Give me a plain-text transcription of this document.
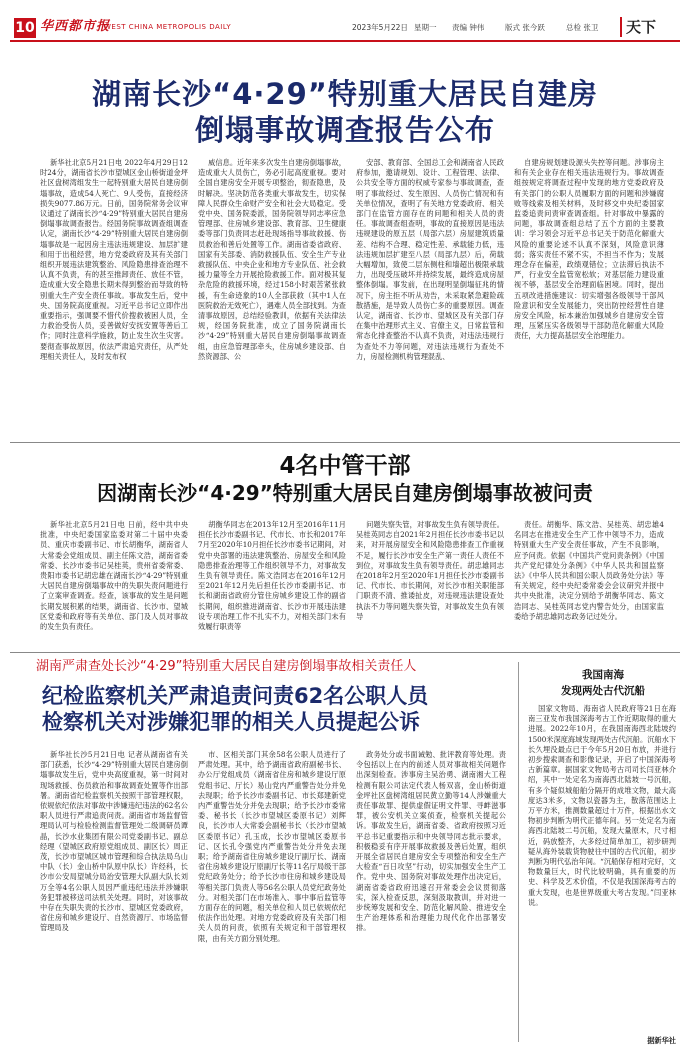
10 华西都市报
WEST CHINA METROPOLIS DAILY	2023年5月22日 星期一 责编 钟伟	版式 张今跃	总检 张卫 天下
湖南长沙“4·29”特别重大居民自建房
倒塌事故调查报告公布

新华社北京5月21日电 2022年4月29日12时24分，湖南省长沙市望城区金山桥街道金坪社区盘树湾组发生一起特别重大居民自建房倒塌事故，造成54人死亡、9人受伤，直接经济损失9077.86万元。日前，国务院常务会议审议通过了湖南长沙“4·29”特别重大居民自建房倒塌事故调查报告。经国务院事故调查组调查认定，湖南长沙“4·29”特别重大居民自建房倒塌事故是一起因房主违法违规建设、加层扩建和用于出租经营，地方党委政府及其有关部门组织开展违法建筑整治、风险隐患排查治理不认真不负责，有的甚至推卸责任、放任不管，造成重大安全隐患长期未得到整治而导致的特别重大生产安全责任事故。事故发生后，党中央、国务院高度重视。习近平总书记立即作出重要指示，强调要不惜代价搜救被困人员，全力救治受伤人员，妥善做好安抚安置等善后工作；同时注意科学施救，防止发生次生灾害。要彻查事故原因，依法严肃追究责任，从严处理相关责任人，及时发布权

威信息。近年来多次发生自建房倒塌事故，造成重大人员伤亡，务必引起高度重视。要对全国自建房安全开展专项整治，彻查隐患，及时解决。坚决防范各类重大事故发生，切实保障人民群众生命财产安全和社会大局稳定。受党中央、国务院委派，国务院领导同志率应急管理部、住房城乡建设部、教育部、卫生健康委等部门负责同志赶赴现场指导事故救援、伤员救治和善后处置等工作。湖南省委省政府、国家有关部委、消防救援队伍、安全生产专业救援队伍、中央企业和地方专业队伍、社会救援力量等全力开展抢险救援工作。面对极其复杂危险的救援环境，经过158小时艰苦紧张救援，有生命迹象的10人全部获救（其中1人在医院救治无效死亡），遇难人员全部找到。为查清事故原因，总结经验教训，依据有关法律法规，经国务院批准，成立了国务院湖南长沙“4·29”特别重大居民自建房倒塌事故调查组，由应急管理部牵头，住房城乡建设部、自然资源部、公

安部、教育部、全国总工会和湖南省人民政府参加，邀请规划、设计、工程管理、法律、公共安全等方面的权威专家参与事故调查，查明了事故经过、发生原因、人员伤亡情况和有关单位情况，查明了有关地方党委政府、相关部门在监管方面存在的问题和相关人员的责任。事故调查组查明，事故的直接原因是违法违规建设的原五层（局部六层）房屋建筑质量差、结构不合理、稳定性差、承载能力低，违法违规加层扩建至八层（局部九层）后，荷载大幅增加，致使二层东侧柱和墙超出极限承载力，出现受压破坏并持续发展，最终造成房屋整体倒塌。事发前，在出现明显倒塌征兆的情况下，房主拒不听从劝告，未采取紧急避险疏散措施，是导致人员伤亡多的重要原因。调查认定，湖南省、长沙市、望城区及有关部门存在集中治理形式主义、官僚主义，日常监管和常态化排查整治不认真不负责，对违法违规行为查处不力等问题，对违法违规行为查处不力，房屋检测机构管理混乱、

自建房规划建设源头失控等问题。涉事房主和有关企业存在相关违法违规行为。事故调查组按规定将调查过程中发现的地方党委政府及有关部门的公职人员履职方面的问题和涉嫌腐败等线索及相关材料，及时移交中央纪委国家监委追责问责审查调查组。针对事故中暴露的问题，事故调查组总结了五个方面的主要教训：学习领会习近平总书记关于防范化解重大风险的重要论述不认真不深刻，风险意识薄弱；落实责任不紧不实，不担当不作为；发展理念存在偏差，政绩观错位；立法滞后执法不严，行业安全监管宽松软；对基层能力建设重视不够，基层安全治理面临困境。同时，提出五项改进措施建议：切实增强各级领导干部风险意识和安全发展能力，突出防控经营性自建房安全风险，标本兼治加强城乡自建房安全管理，压紧压实各级领导干部防范化解重大风险责任，大力提高基层安全治理能力。

4名中管干部
因湖南长沙“4·29”特别重大居民自建房倒塌事故被问责

新华社北京5月21日电 日前，经中共中央批准，中央纪委国家监委对第二十届中央委员、重庆市委副书记、市长胡衡华，湖南省人大常委会党组成员、副主任陈文浩，湖南省委常委、长沙市委书记吴桂英，贵州省委常委、贵阳市委书记胡忠雄在湖南长沙“4·29”特别重大居民自建房倒塌事故中的失职失责问题进行了立案审查调查。经查，该事故的发生是问题长期发展积累的结果，湖南省、长沙市、望城区党委和政府等有关单位、部门及人员对事故的发生负有责任。

胡衡华同志在2013年12月至2016年11月担任长沙市委副书记、代市长、市长和2017年7月至2020年10月担任长沙市委书记期间，对党中央部署的违法建筑整治、房屋安全和风险隐患排查治理等工作组织领导不力，对事故发生负有领导责任。陈文浩同志在2016年12月至2021年12月先后担任长沙市委副书记、市长和湖南省政府分管住房城乡建设工作的副省长期间，组织推进湖南省、长沙市开展违法建设专项治理工作不扎实不力，对相关部门未有效履行职责等

问题失察失管，对事故发生负有领导责任。吴桂英同志自2021年2月担任长沙市委书记以来，对开展房屋安全和风险隐患排查工作重视不足，履行长沙市安全生产第一责任人责任不到位，对事故发生负有领导责任。胡忠雄同志在2018年2月至2020年1月担任长沙市委副书记、代市长、市长期间，对长沙市相关职能部门职责不清、推诿扯皮，对违规违法建设查处执法不力等问题失察失管，对事故发生负有领导

责任。胡衡华、陈文浩、吴桂英、胡忠雄4名同志在推进安全生产工作中领导不力，造成特别重大生产安全责任事故，产生不良影响，应予问责。依据《中国共产党问责条例》《中国共产党纪律处分条例》《中华人民共和国监察法》《中华人民共和国公职人员政务处分法》等有关规定，经中央纪委常委会会议研究并报中共中央批准，决定分别给予胡衡华同志、陈文浩同志、吴桂英同志党内警告处分，由国家监委给予胡忠雄同志政务记过处分。

湖南严肃查处长沙“4·29”特别重大居民自建房倒塌事故相关责任人
纪检监察机关严肃追责问责62名公职人员
检察机关对涉嫌犯罪的相关人员提起公诉

新华社长沙5月21日电 记者从湖南省有关部门获悉，长沙“4·29”特别重大居民自建房倒塌事故发生后，党中央高度重视，第一时间对现场救援、伤员救治和事故调查处置等作出部署。湖南省纪检监察机关按照干部管理权限，依规依纪依法对事故中涉嫌违纪违法的62名公职人员进行严肃追责问责。湖南省市场监督管理局认可与检验检测监督管理处二级调研员谭晶，长沙水业集团有限公司党委副书记、副总经理（望城区政府原党组成员、副区长）周正茂，长沙市望城区城市管理和综合执法局乌山中队（长）金山桥中队原中队长）许经科，长沙市公安局望城分局治安管理大队副大队长刘万全等4名公职人员因严重违纪违法并涉嫌职务犯罪被移送司法机关处理。同时，对该事故中存在失职失责的长沙市、望城区党委政府，省住房和城乡建设厅、自然资源厅、市场监督管理局及

市、区相关部门其余58名公职人员进行了严肃处理。其中，给予湖南省政府副秘书长、办公厅党组成员（湖南省住房和城乡建设厅原党组书记、厅长）易山党内严重警告处分并免去现职；给予长沙市委副书记、市长郑建新党内严重警告处分并免去现职；给予长沙市委常委、秘书长（长沙市望城区委原书记）刘辉良，长沙市人大常委会副秘书长（长沙市望城区委原书记）孔玉成，长沙市望城区委原书记、区长孔令强党内严重警告处分并免去现职；给予湖南省住房城乡建设厅副厅长、湖南省住房城乡建设厅原副厅长等11名厅局级干部党纪政务处分；给予长沙市住房和城乡建设局等相关部门负责人等56名公职人员党纪政务处分。对相关部门在市场准入、事中事后监管等方面存在的问题，相关单位和人员已依规依纪依法作出处理。对地方党委政府及有关部门相关人员的问责，依照有关规定和干部管理权限，由有关方面分别处理。

政务处分或书面诫勉、批评教育等处理。责令包括以上在内的前述人员对事故相关问题作出深刻检查。涉事房主吴治勇、湖南湘大工程检测有限公司法定代表人杨双喜，金山桥街道金坪社区盘树湾组居民黄立勤等14人涉嫌重大责任事故罪、提供虚假证明文件罪、寻衅滋事罪，被公安机关立案侦查，检察机关提起公诉。事故发生后，湖南省委、省政府按照习近平总书记重要指示和中央领导同志批示要求，积极稳妥有序开展事故救援及善后处置，组织开展全省居民自建房安全专项整治和安全生产大检查“百日攻坚”行动，切实加强安全生产工作。党中央、国务院对事故处理作出决定后，湖南省委省政府迅速召开常委会会议贯彻落实，深入检查反思，深刻汲取教训，并对进一步统筹发展和安全、防范化解风险、推进安全生产治理体系和治理能力现代化作出部署安排。

我国南海
发现两处古代沉船

国家文物局、海南省人民政府等21日在海南三亚发布我国深海考古工作近期取得的重大进展。2022年10月，在我国南海西北陆坡约1500米深度海域发现两处古代沉船。沉船水下长久埋没最点已于今年5月20日布放，并进行初步搜索调查和影像记录，开启了中国深海考古新篇章。据国家文物局考古司司长闫亚林介绍，其中一处定名为南海西北陆坡一号沉船，有多个疑似城船舶分隔开的成堆文物，最大高度达3米多，文物以瓷器为主，散落范围达上万平方米，推测数量超过十万件，根据出水文物初步判断为明代正德年间。另一处定名为南海西北陆坡二号沉船，发现大量原木，尺寸相近，码放整齐，大多经过简单加工，初步研判疑从海外装载货物驶往中国的古代沉船，初步判断为明代弘治年间。“沉船保存相对完好，文物数量巨大，时代比较明确，具有重要的历史、科学及艺术价值，不仅是我国深海考古的重大发现，也是世界级重大考古发现。”闫亚林说。

据新华社
